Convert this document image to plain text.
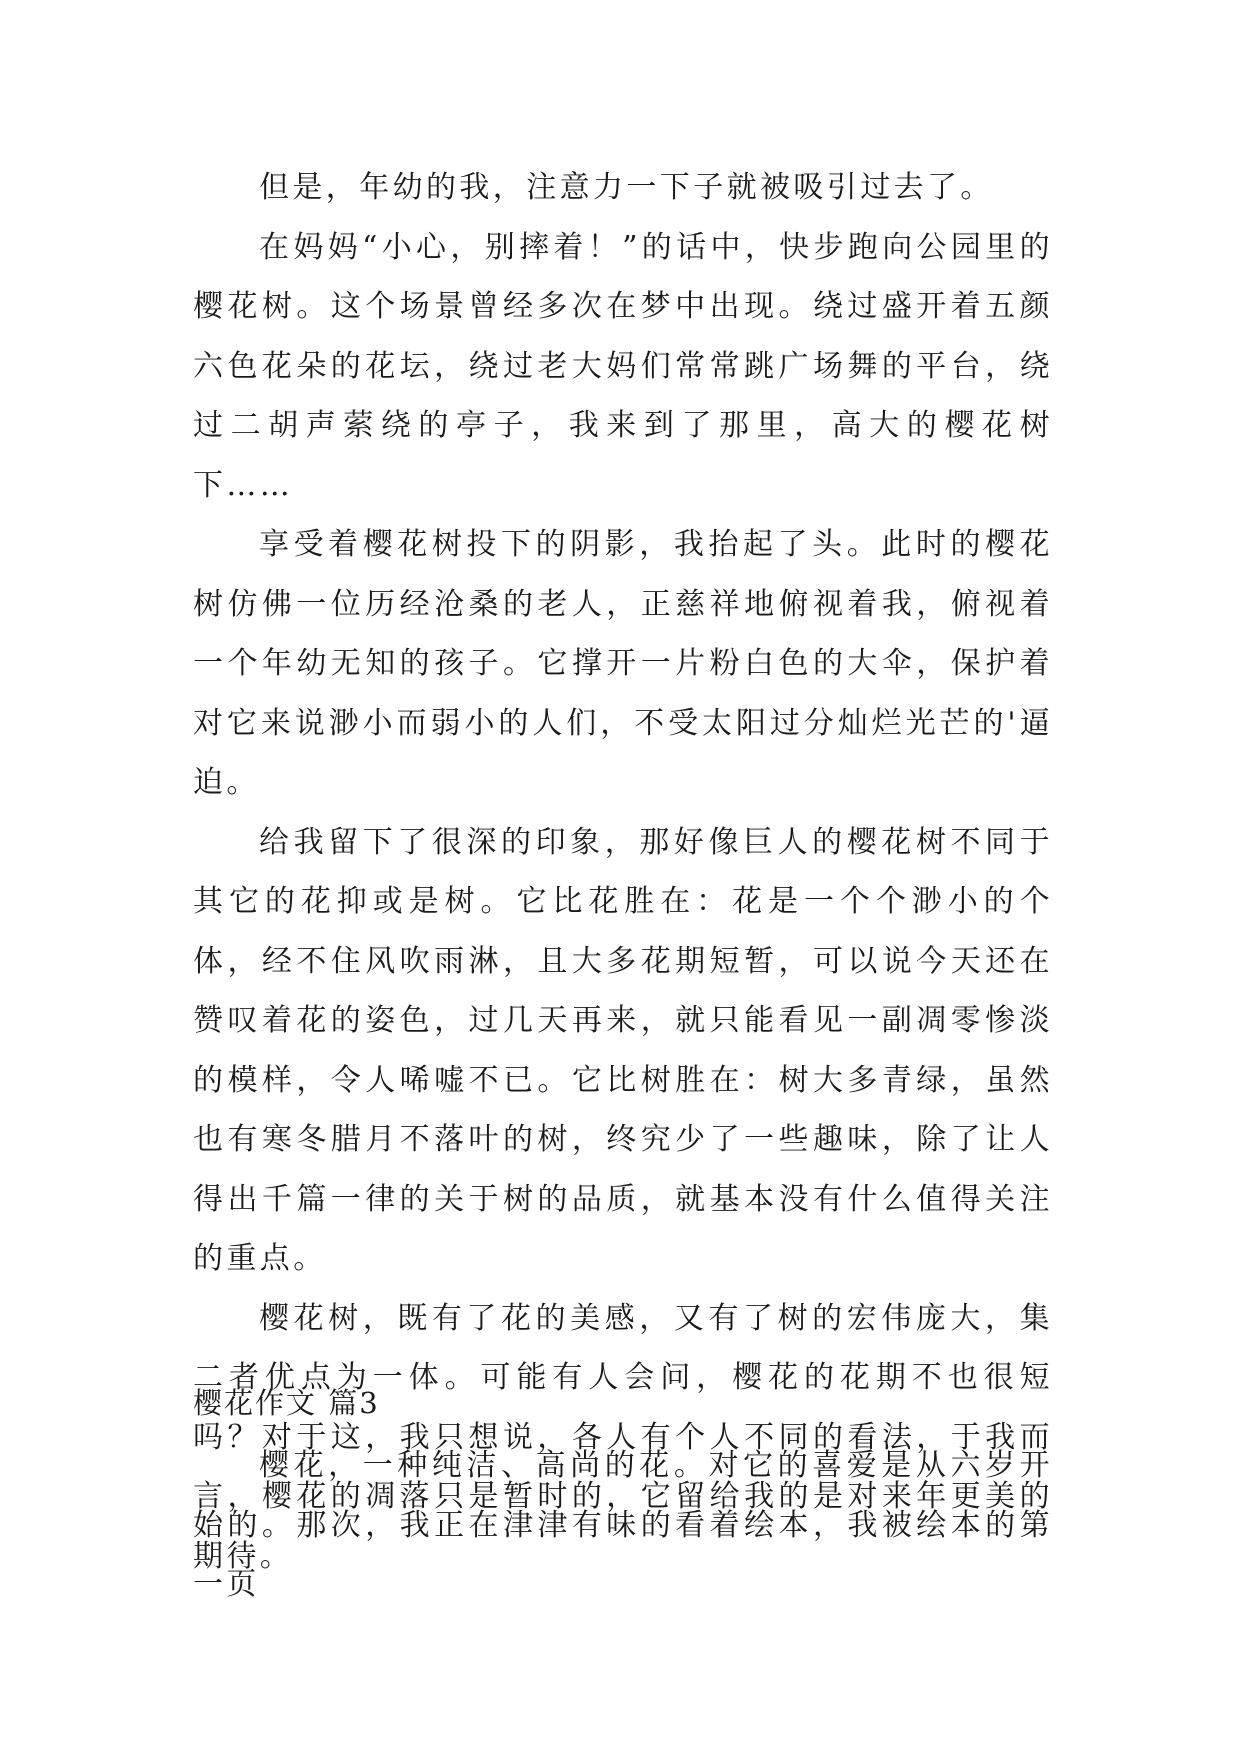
但是，年幼的我，注意力一下子就被吸引过去了。

在妈妈“小心，别摔着！”的话中，快步跑向公园里的樱花树。这个场景曾经多次在梦中出现。绕过盛开着五颜六色花朵的花坛，绕过老大妈们常常跳广场舞的平台，绕过二胡声萦绕的亭子，我来到了那里，高大的樱花树下……

享受着樱花树投下的阴影，我抬起了头。此时的樱花树仿佛一位历经沧桑的老人，正慈祥地俯视着我，俯视着一个年幼无知的孩子。它撑开一片粉白色的大伞，保护着对它来说渺小而弱小的人们，不受太阳过分灿烂光芒的'逼迫。

给我留下了很深的印象，那好像巨人的樱花树不同于其它的花抑或是树。它比花胜在：花是一个个渺小的个体，经不住风吹雨淋，且大多花期短暂，可以说今天还在赞叹着花的姿色，过几天再来，就只能看见一副凋零惨淡的模样，令人唏嘘不已。它比树胜在：树大多青绿，虽然也有寒冬腊月不落叶的树，终究少了一些趣味，除了让人得出千篇一律的关于树的品质，就基本没有什么值得关注的重点。

樱花树，既有了花的美感，又有了树的宏伟庞大，集二者优点为一体。可能有人会问，樱花的花期不也很短吗？对于这，我只想说，各人有个人不同的看法，于我而言，樱花的凋落只是暂时的，它留给我的是对来年更美的期待。

樱花作文 篇3

樱花，一种纯洁、高尚的花。对它的喜爱是从六岁开始的。那次，我正在津津有味的看着绘本，我被绘本的第一页
